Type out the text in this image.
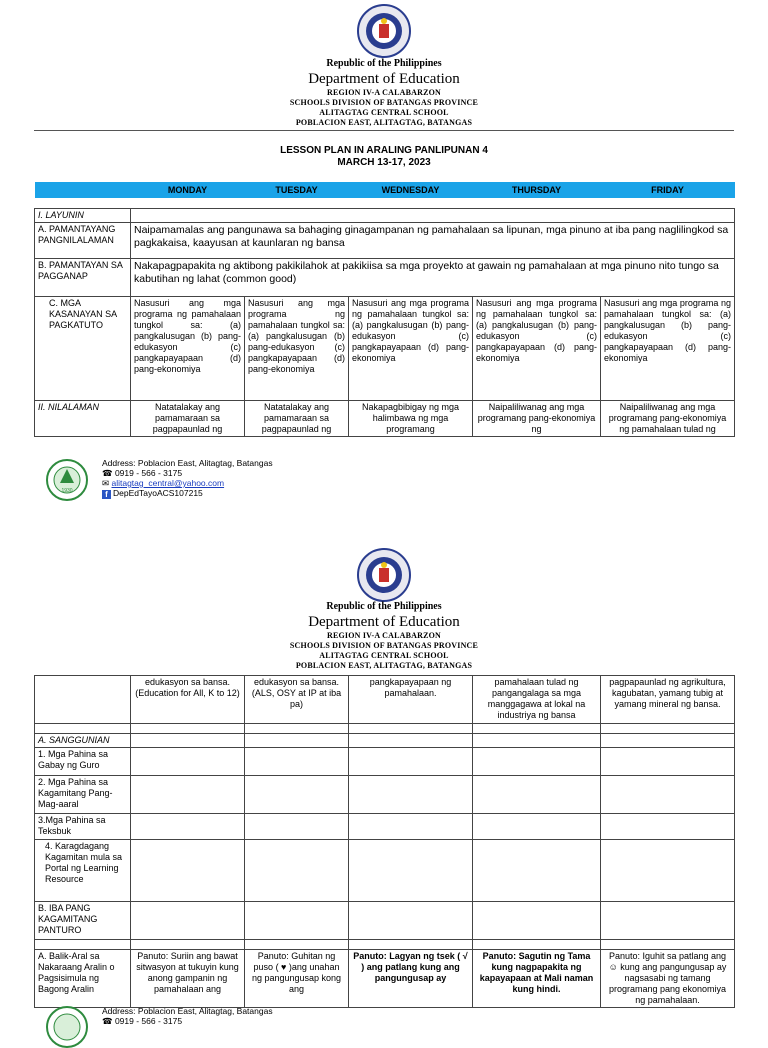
Republic of the Philippines
Department of Education
REGION IV-A CALABARZON
SCHOOLS DIVISION OF BATANGAS PROVINCE
ALITAGTAG CENTRAL SCHOOL
POBLACION EAST, ALITAGTAG, BATANGAS
LESSON PLAN IN ARALING PANLIPUNAN 4
MARCH 13-17, 2023
	MONDAY	TUESDAY	WEDNESDAY	THURSDAY	FRIDAY

I. LAYUNIN					
A. PAMANTAYANG PANGNILALAMAN	Naipamamalas ang pangunawa sa bahaging ginagampanan ng pamahalaan sa lipunan, mga pinuno at iba pang naglilingkod sa pagkakaisa, kaayusan at kaunlaran ng bansa				
B. PAMANTAYAN SA PAGGANAP	Nakapagpapakita ng aktibong pakikilahok at pakikiisa sa mga proyekto at gawain ng pamahalaan at mga pinuno nito tungo sa kabutihan ng lahat (common good)				
C. MGA KASANAYAN SA PAGKATUTO	Nasusuri ang mga programa ng pamahalaan tungkol sa: (a) pangkalusugan (b) pang-edukasyon (c) pangkapayapaan (d) pang-ekonomiya	Nasusuri ang mga programa ng pamahalaan tungkol sa: (a) pangkalusugan (b) pang-edukasyon (c) pangkapayapaan (d) pang-ekonomiya	Nasusuri ang mga programa ng pamahalaan tungkol sa: (a) pangkalusugan (b) pang-edukasyon (c) pangkapayapaan (d) pang-ekonomiya	Nasusuri ang mga programa ng pamahalaan tungkol sa: (a) pangkalusugan (b) pang-edukasyon (c) pangkapayapaan (d) pang-ekonomiya	Nasusuri ang mga programa ng pamahalaan tungkol sa: (a) pangkalusugan (b) pang-edukasyon (c) pangkapayapaan (d) pang-ekonomiya
II. NILALAMAN	Natatalakay ang pamamaraan sa pagpapaunlad ng	Natatalakay ang pamamaraan sa pagpapaunlad ng	Nakapagbibigay ng mga halimbawa ng mga programang	Naipaliliwanag ang mga programang pang-ekonomiya ng	Naipaliliwanag ang mga programang pang-ekonomiya ng pamahalaan tulad ng
1930
Address: Poblacion East, Alitagtag, Batangas
☎ 0919 - 566 - 3175
✉ alitagtag_central@yahoo.com
f DepEdTayoACS107215
Republic of the Philippines
Department of Education
REGION IV-A CALABARZON
SCHOOLS DIVISION OF BATANGAS PROVINCE
ALITAGTAG CENTRAL SCHOOL
POBLACION EAST, ALITAGTAG, BATANGAS
	edukasyon sa bansa. (Education for All, K to 12)	edukasyon sa bansa. (ALS, OSY at IP at iba pa)	pangkapayapaan ng pamahalaan.	pamahalaan tulad ng pangangalaga sa mga manggagawa at lokal na industriya ng bansa	pagpapaunlad ng agrikultura, kagubatan, yamang tubig at yamang mineral ng bansa.

A. SANGGUNIAN					
1. Mga Pahina sa Gabay ng Guro					
2. Mga Pahina sa Kagamitang Pang-Mag-aaral					
3.Mga Pahina sa Teksbuk					
4. Karagdagang Kagamitan mula sa Portal ng Learning Resource					
B. IBA PANG KAGAMITANG PANTURO					

A. Balik-Aral sa Nakaraang Aralin o Pagsisimula ng Bagong Aralin	Panuto: Suriin ang bawat sitwasyon at tukuyin kung anong gampanin ng pamahalaan ang	Panuto: Guhitan ng puso ( ♥ )ang unahan ng pangungusap kong ang	Panuto: Lagyan ng tsek ( √ ) ang patlang kung ang pangungusap ay	Panuto: Sagutin ng Tama kung nagpapakita ng kapayapaan at Mali naman kung hindi.	Panuto: Iguhit sa patlang ang ☺ kung ang pangungusap ay nagsasabi ng tamang programang pang ekonomiya ng pamahalaan.
Address: Poblacion East, Alitagtag, Batangas
☎ 0919 - 566 - 3175
